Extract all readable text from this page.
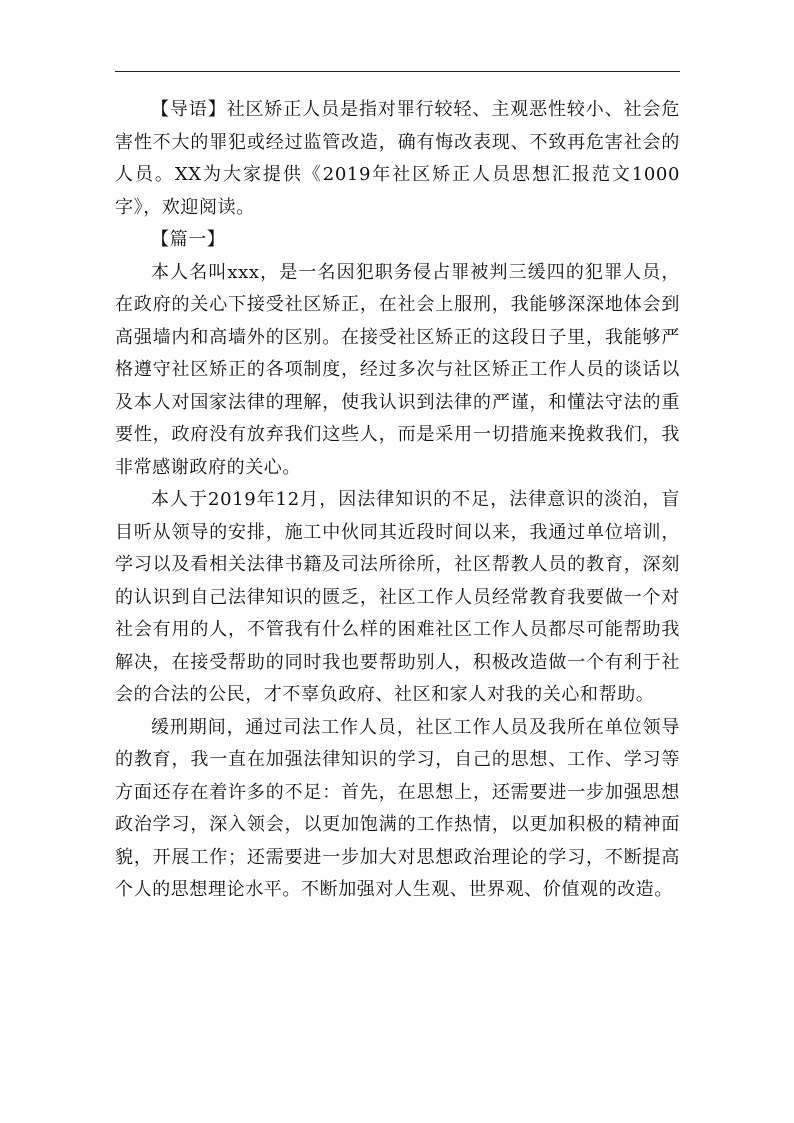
【导语】社区矫正人员是指对罪行较轻、主观恶性较小、社会危害性不大的罪犯或经过监管改造，确有悔改表现、不致再危害社会的人员。XX为大家提供《2019年社区矫正人员思想汇报范文1000字》，欢迎阅读。

【篇一】

本人名叫xxx，是一名因犯职务侵占罪被判三缓四的犯罪人员，在政府的关心下接受社区矫正，在社会上服刑，我能够深深地体会到高强墙内和高墙外的区别。在接受社区矫正的这段日子里，我能够严格遵守社区矫正的各项制度，经过多次与社区矫正工作人员的谈话以及本人对国家法律的理解，使我认识到法律的严谨，和懂法守法的重要性，政府没有放弃我们这些人，而是采用一切措施来挽救我们，我非常感谢政府的关心。

本人于2019年12月，因法律知识的不足，法律意识的淡泊，盲目听从领导的安排，施工中伙同其近段时间以来，我通过单位培训，学习以及看相关法律书籍及司法所徐所，社区帮教人员的教育，深刻的认识到自己法律知识的匮乏，社区工作人员经常教育我要做一个对社会有用的人，不管我有什么样的困难社区工作人员都尽可能帮助我解决，在接受帮助的同时我也要帮助别人，积极改造做一个有利于社会的合法的公民，才不辜负政府、社区和家人对我的关心和帮助。

缓刑期间，通过司法工作人员，社区工作人员及我所在单位领导的教育，我一直在加强法律知识的学习，自己的思想、工作、学习等方面还存在着许多的不足：首先，在思想上，还需要进一步加强思想政治学习，深入领会，以更加饱满的工作热情，以更加积极的精神面貌，开展工作；还需要进一步加大对思想政治理论的学习，不断提高个人的思想理论水平。不断加强对人生观、世界观、价值观的改造。
